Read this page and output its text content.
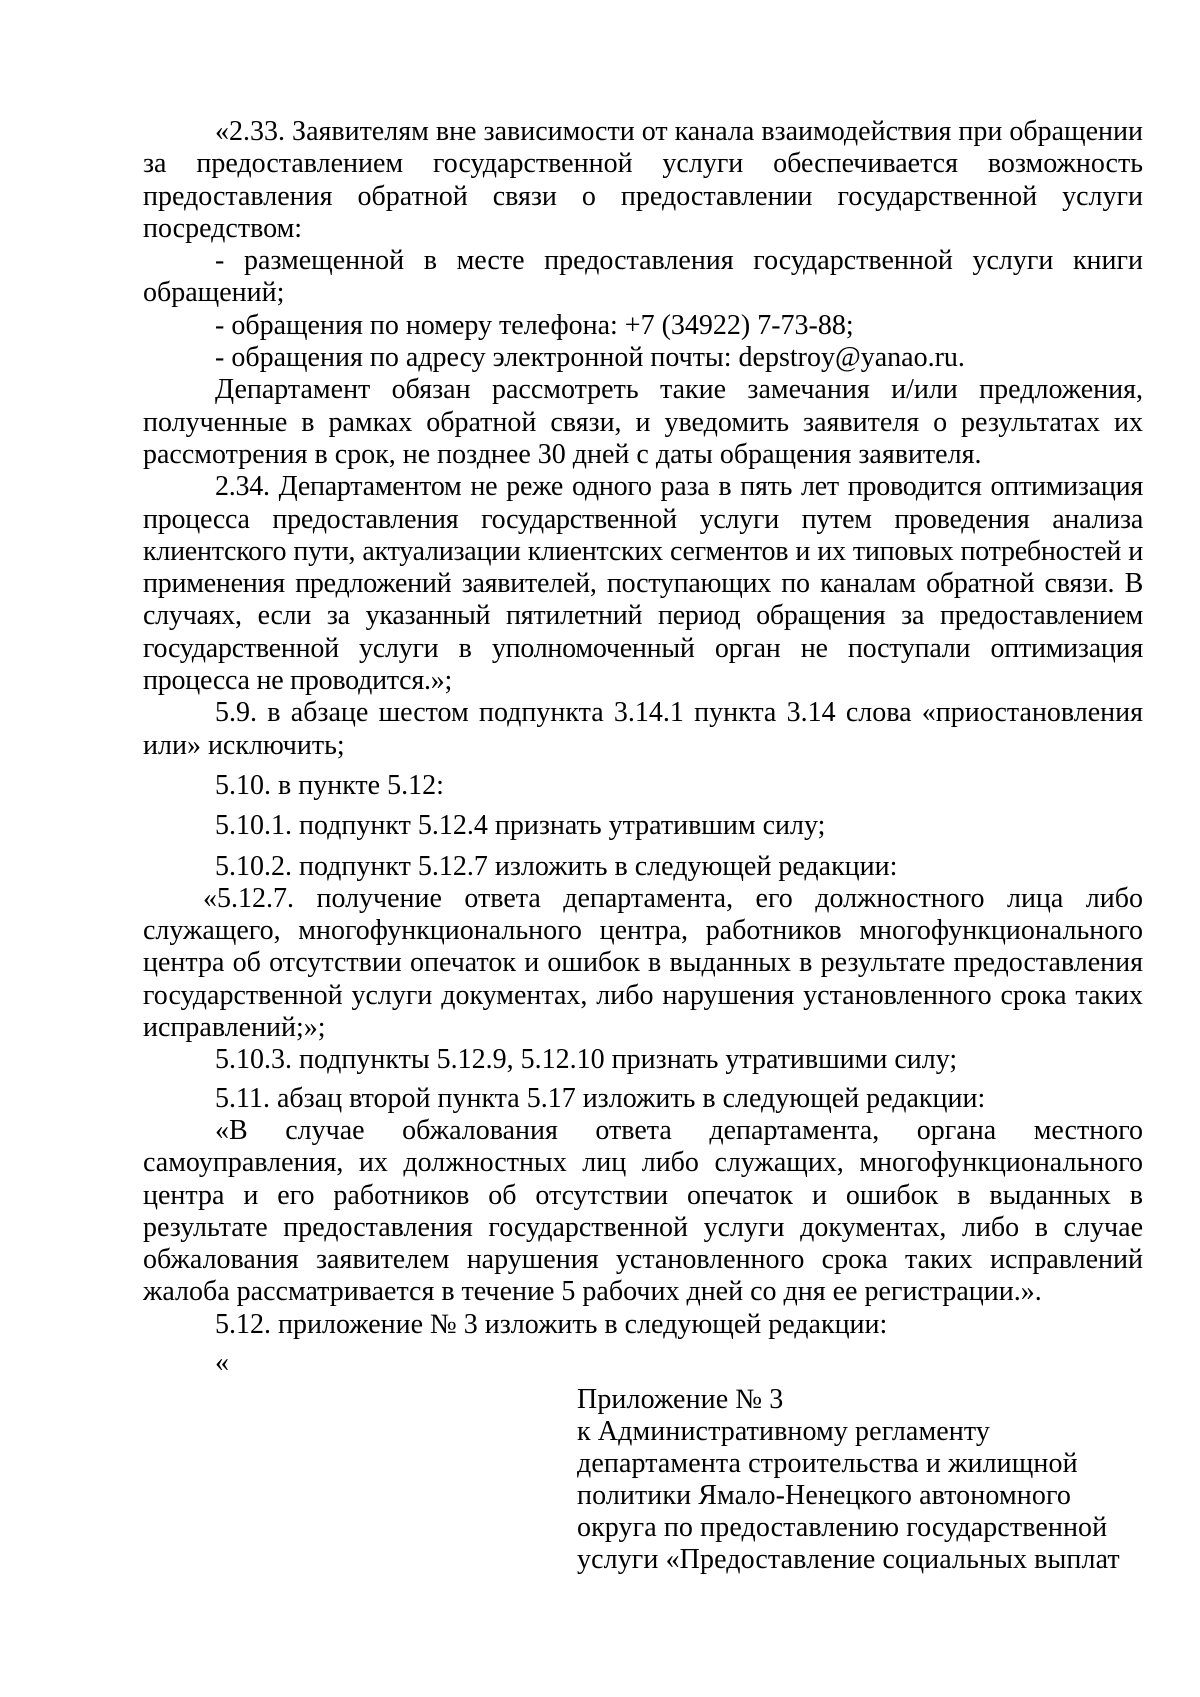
«2.33. Заявителям вне зависимости от канала взаимодействия при обращении за предоставлением государственной услуги обеспечивается возможность предоставления обратной связи о предоставлении государственной услуги посредством:

- размещенной в месте предоставления государственной услуги книги обращений;

- обращения по номеру телефона: +7 (34922) 7-73-88;

- обращения по адресу электронной почты: depstroy@yanao.ru.

Департамент обязан рассмотреть такие замечания и/или предложения, полученные в рамках обратной связи, и уведомить заявителя о результатах их рассмотрения в срок, не позднее 30 дней с даты обращения заявителя.

2.34. Департаментом не реже одного раза в пять лет проводится оптимизация процесса предоставления государственной услуги путем проведения анализа клиентского пути, актуализации клиентских сегментов и их типовых потребностей и применения предложений заявителей, поступающих по каналам обратной связи. В случаях, если за указанный пятилетний период обращения за предоставлением государственной услуги в уполномоченный орган не поступали оптимизация процесса не проводится.»;

5.9. в абзаце шестом подпункта 3.14.1 пункта 3.14 слова «приостановления или» исключить;

5.10. в пункте 5.12:

5.10.1. подпункт 5.12.4 признать утратившим силу;

5.10.2. подпункт 5.12.7 изложить в следующей редакции:

«5.12.7. получение ответа департамента, его должностного лица либо служащего, многофункционального центра, работников многофункционального центра об отсутствии опечаток и ошибок в выданных в результате предоставления государственной услуги документах, либо нарушения установленного срока таких исправлений;»;

5.10.3. подпункты 5.12.9, 5.12.10 признать утратившими силу;

5.11. абзац второй пункта 5.17 изложить в следующей редакции:

«В случае обжалования ответа департамента, органа местного самоуправления, их должностных лиц либо служащих, многофункционального центра и его работников об отсутствии опечаток и ошибок в выданных в результате предоставления государственной услуги документах, либо в случае обжалования заявителем нарушения установленного срока таких исправлений жалоба рассматривается в течение 5 рабочих дней со дня ее регистрации.».

5.12. приложение № 3 изложить в следующей редакции:

«

Приложение № 3
к Административному регламенту
департамента строительства и жилищной
политики Ямало-Ненецкого автономного
округа по предоставлению государственной
услуги «Предоставление социальных выплат
